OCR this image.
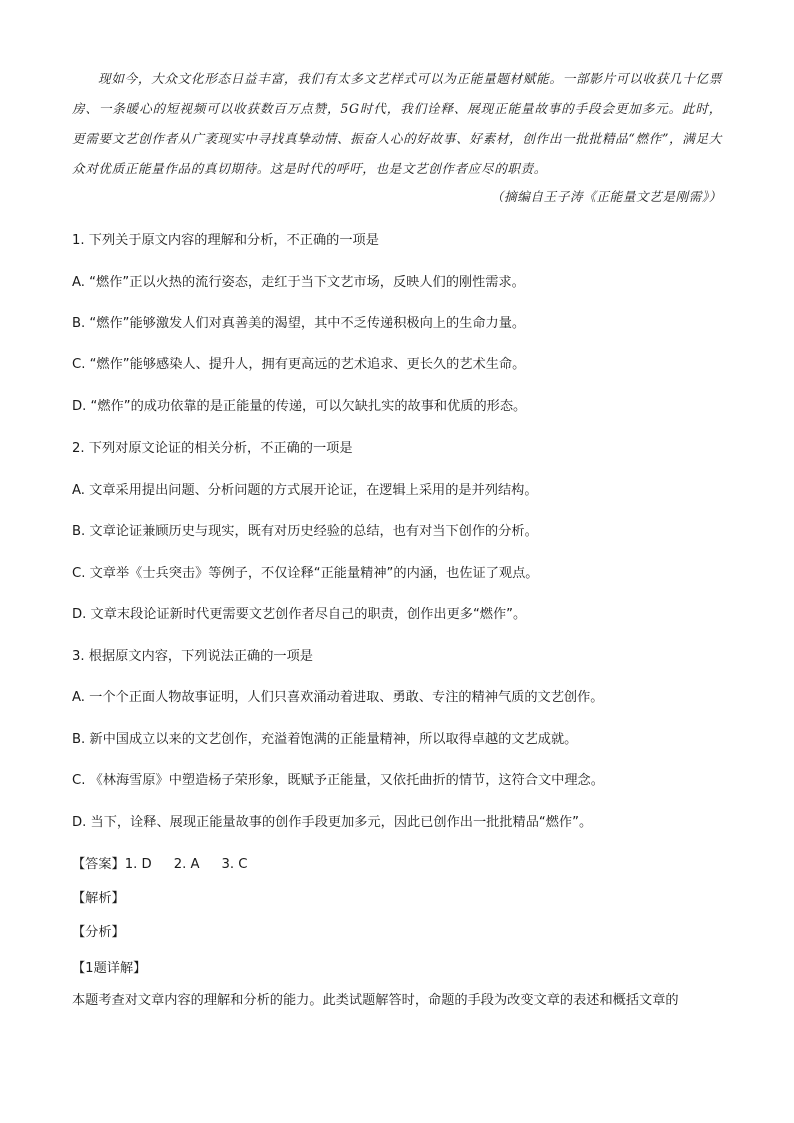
现如今，大众文化形态日益丰富，我们有太多文艺样式可以为正能量题材赋能。一部影片可以收获几十亿票房、一条暖心的短视频可以收获数百万点赞，5G时代，我们诠释、展现正能量故事的手段会更加多元。此时，更需要文艺创作者从广袤现实中寻找真挚动情、振奋人心的好故事、好素材，创作出一批批精品“燃作”，满足大众对优质正能量作品的真切期待。这是时代的呼吁，也是文艺创作者应尽的职责。

（摘编自王子涛《正能量文艺是刚需》）
1. 下列关于原文内容的理解和分析，不正确的一项是
A. “燃作”正以火热的流行姿态，走红于当下文艺市场，反映人们的刚性需求。
B. “燃作”能够激发人们对真善美的渴望，其中不乏传递积极向上的生命力量。
C. “燃作”能够感染人、提升人，拥有更高远的艺术追求、更长久的艺术生命。
D. “燃作”的成功依靠的是正能量的传递，可以欠缺扎实的故事和优质的形态。
2. 下列对原文论证的相关分析，不正确的一项是
A. 文章采用提出问题、分析问题的方式展开论证，在逻辑上采用的是并列结构。
B. 文章论证兼顾历史与现实，既有对历史经验的总结，也有对当下创作的分析。
C. 文章举《士兵突击》等例子，不仅诠释“正能量精神”的内涵，也佐证了观点。
D. 文章末段论证新时代更需要文艺创作者尽自己的职责，创作出更多“燃作”。
3. 根据原文内容，下列说法正确的一项是
A. 一个个正面人物故事证明，人们只喜欢涌动着进取、勇敢、专注的精神气质的文艺创作。
B. 新中国成立以来的文艺创作，充溢着饱满的正能量精神，所以取得卓越的文艺成就。
C. 《林海雪原》中塑造杨子荣形象，既赋予正能量，又依托曲折的情节，这符合文中理念。
D. 当下，诠释、展现正能量故事的创作手段更加多元，因此已创作出一批批精品“燃作”。
【答案】1. D 2. A 3. C
【解析】
【分析】
【1题详解】
本题考查对文章内容的理解和分析的能力。此类试题解答时，命题的手段为改变文章的表述和概括文章的
